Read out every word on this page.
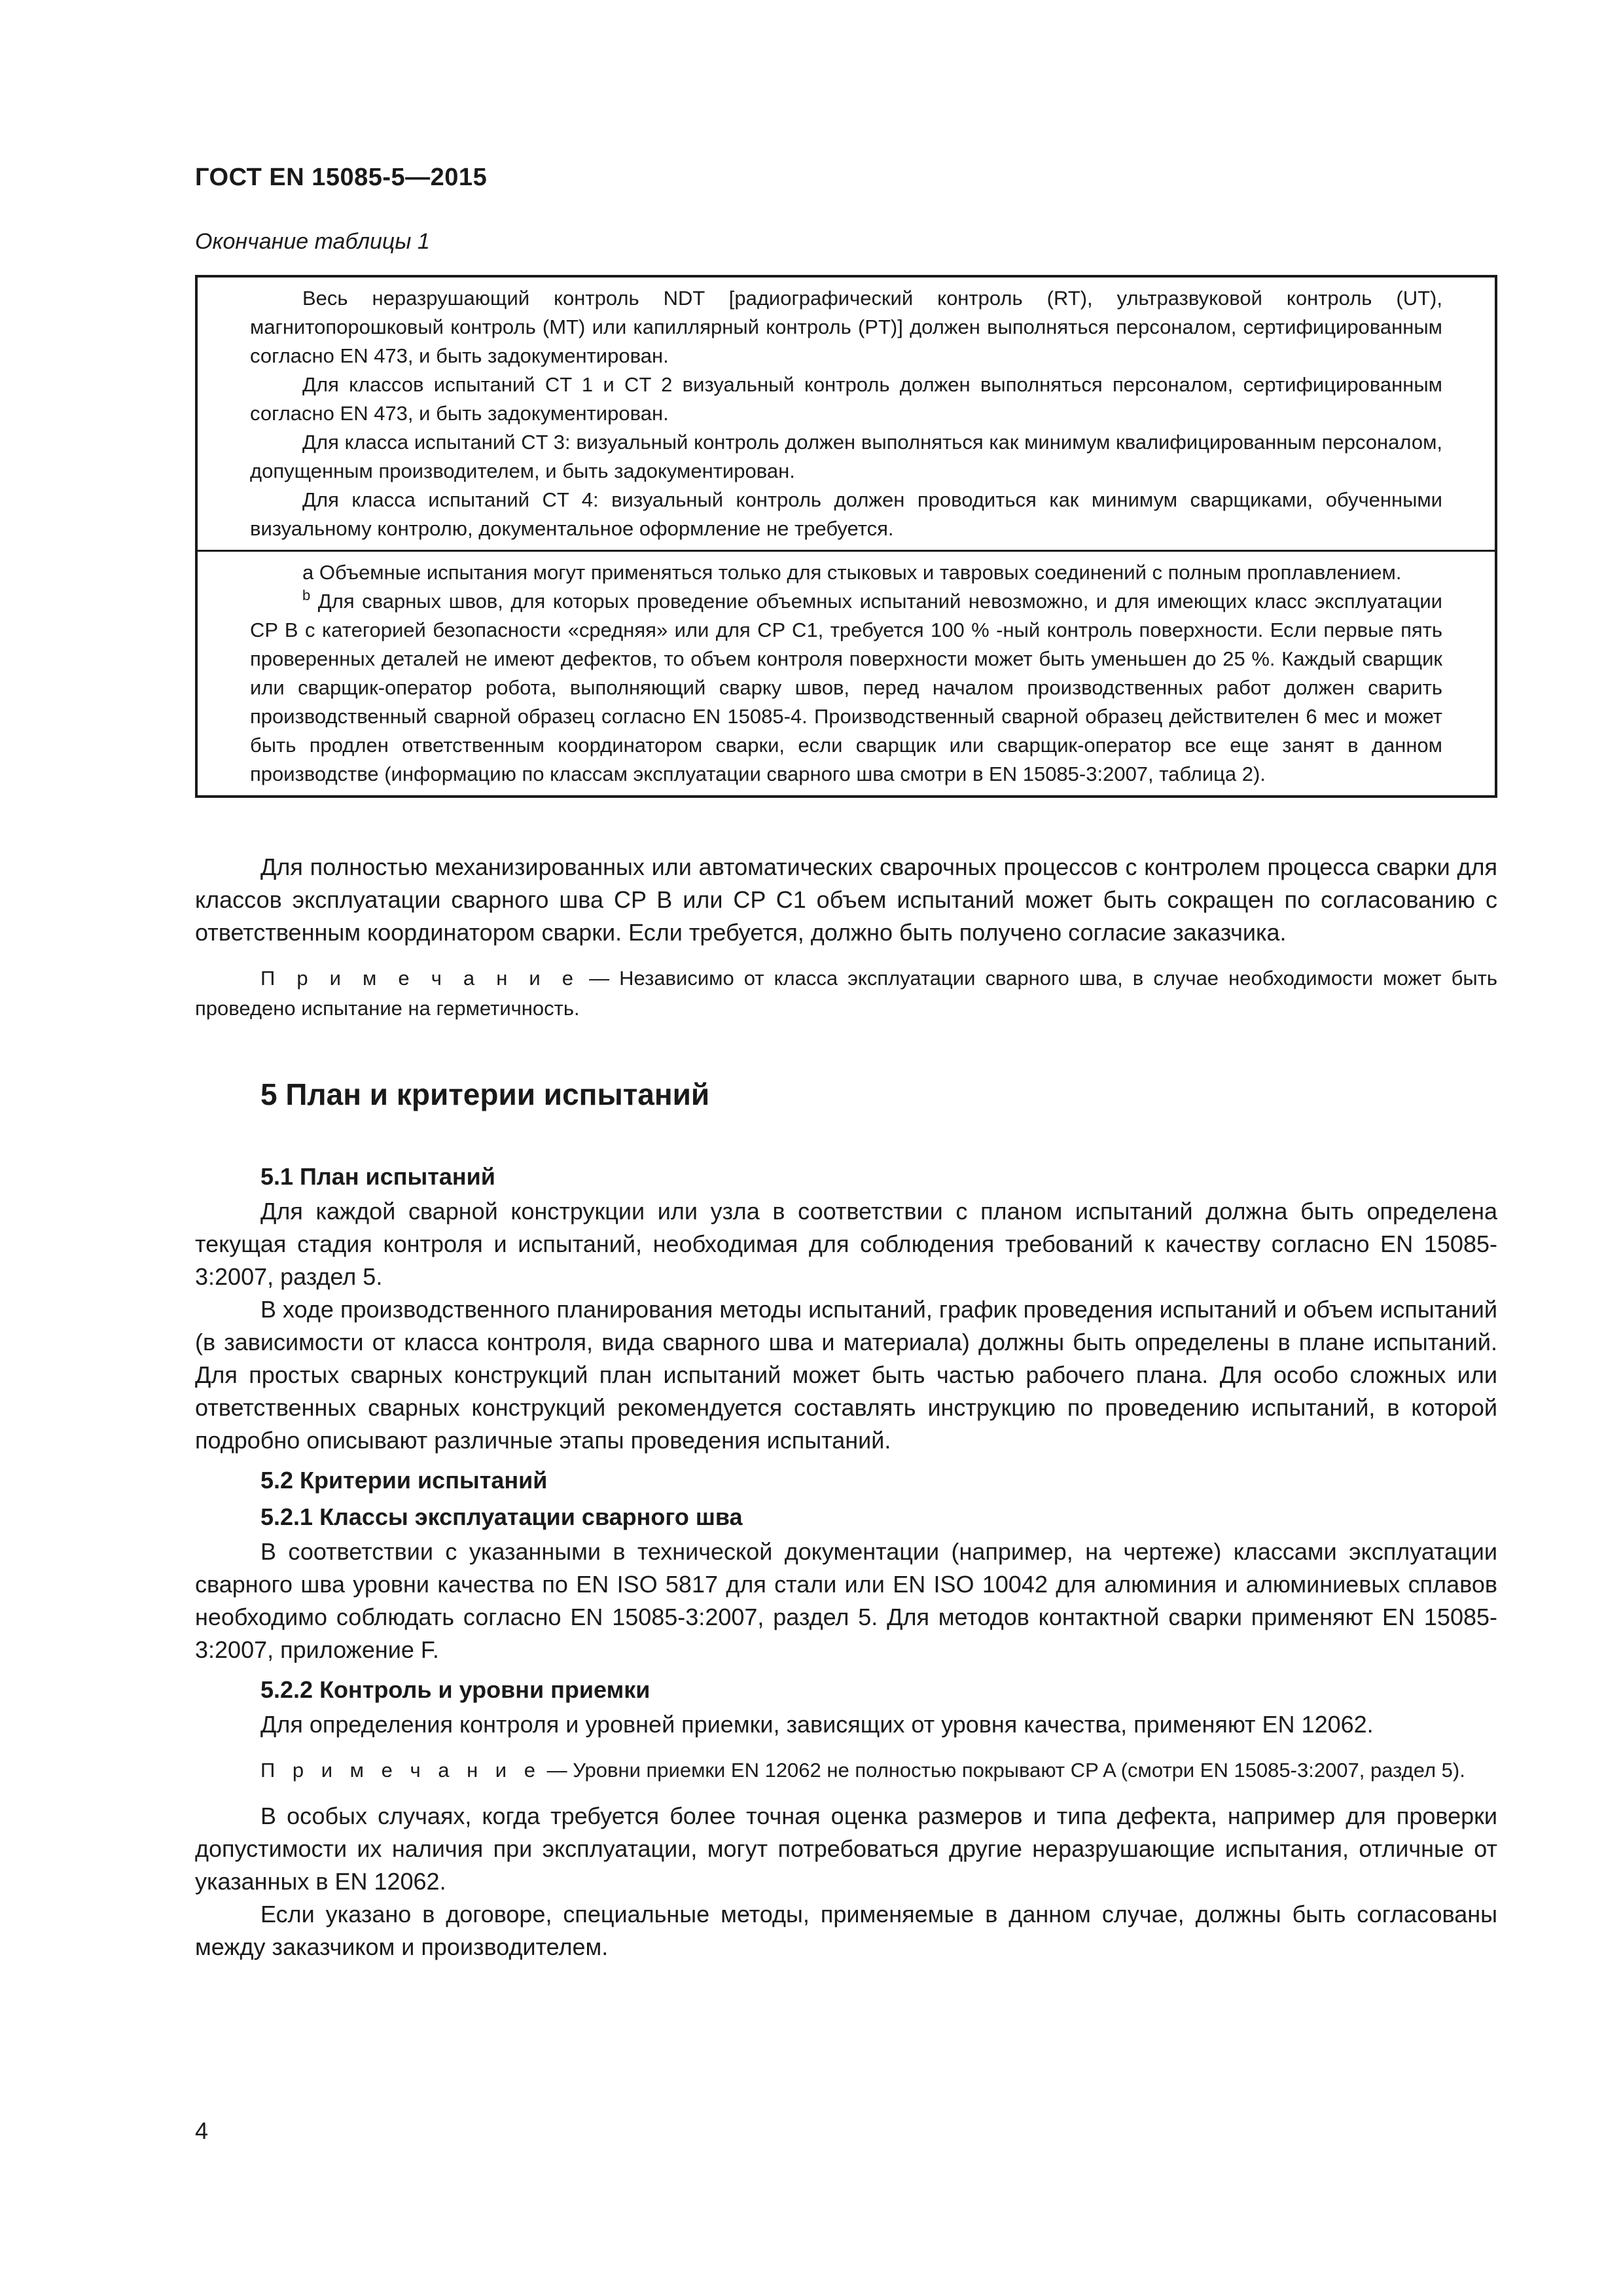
ГОСТ EN 15085-5—2015
Окончание таблицы 1

Весь неразрушающий контроль NDT [радиографический контроль (RT), ультразвуковой контроль (UT), магнитопорошковый контроль (MT) или капиллярный контроль (PT)] должен выполняться персоналом, сертифицированным согласно EN 473, и быть задокументирован.

Для классов испытаний CT 1 и CT 2 визуальный контроль должен выполняться персоналом, сертифицированным согласно EN 473, и быть задокументирован.

Для класса испытаний CT 3: визуальный контроль должен выполняться как минимум квалифицированным персоналом, допущенным производителем, и быть задокументирован.

Для класса испытаний CT 4: визуальный контроль должен проводиться как минимум сварщиками, обученными визуальному контролю, документальное оформление не требуется.

а Объемные испытания могут применяться только для стыковых и тавровых соединений с полным проплавлением.

$^b$ Для сварных швов, для которых проведение объемных испытаний невозможно, и для имеющих класс эксплуатации CP B с категорией безопасности «средняя» или для CP C1, требуется 100 % -ный контроль поверхности. Если первые пять проверенных деталей не имеют дефектов, то объем контроля поверхности может быть уменьшен до 25 %. Каждый сварщик или сварщик-оператор робота, выполняющий сварку швов, перед началом производственных работ должен сварить производственный сварной образец согласно EN 15085-4. Производственный сварной образец действителен 6 мес и может быть продлен ответственным координатором сварки, если сварщик или сварщик-оператор все еще занят в данном производстве (информацию по классам эксплуатации сварного шва смотри в EN 15085-3:2007, таблица 2).

Для полностью механизированных или автоматических сварочных процессов с контролем процесса сварки для классов эксплуатации сварного шва CP B или CP C1 объем испытаний может быть сокращен по согласованию с ответственным координатором сварки. Если требуется, должно быть получено согласие заказчика.

П р и м е ч а н и е — Независимо от класса эксплуатации сварного шва, в случае необходимости может быть проведено испытание на герметичность.

5 План и критерии испытаний

5.1 План испытаний

Для каждой сварной конструкции или узла в соответствии с планом испытаний должна быть определена текущая стадия контроля и испытаний, необходимая для соблюдения требований к качеству согласно EN 15085-3:2007, раздел 5.

В ходе производственного планирования методы испытаний, график проведения испытаний и объем испытаний (в зависимости от класса контроля, вида сварного шва и материала) должны быть определены в плане испытаний. Для простых сварных конструкций план испытаний может быть частью рабочего плана. Для особо сложных или ответственных сварных конструкций рекомендуется составлять инструкцию по проведению испытаний, в которой подробно описывают различные этапы проведения испытаний.

5.2 Критерии испытаний

5.2.1 Классы эксплуатации сварного шва

В соответствии с указанными в технической документации (например, на чертеже) классами эксплуатации сварного шва уровни качества по EN ISO 5817 для стали или EN ISO 10042 для алюминия и алюминиевых сплавов необходимо соблюдать согласно EN 15085-3:2007, раздел 5. Для методов контактной сварки применяют EN 15085-3:2007, приложение F.

5.2.2 Контроль и уровни приемки

Для определения контроля и уровней приемки, зависящих от уровня качества, применяют EN 12062.

П р и м е ч а н и е — Уровни приемки EN 12062 не полностью покрывают CP A (смотри EN 15085-3:2007, раздел 5).

В особых случаях, когда требуется более точная оценка размеров и типа дефекта, например для проверки допустимости их наличия при эксплуатации, могут потребоваться другие неразрушающие испытания, отличные от указанных в EN 12062.

Если указано в договоре, специальные методы, применяемые в данном случае, должны быть согласованы между заказчиком и производителем.

4
